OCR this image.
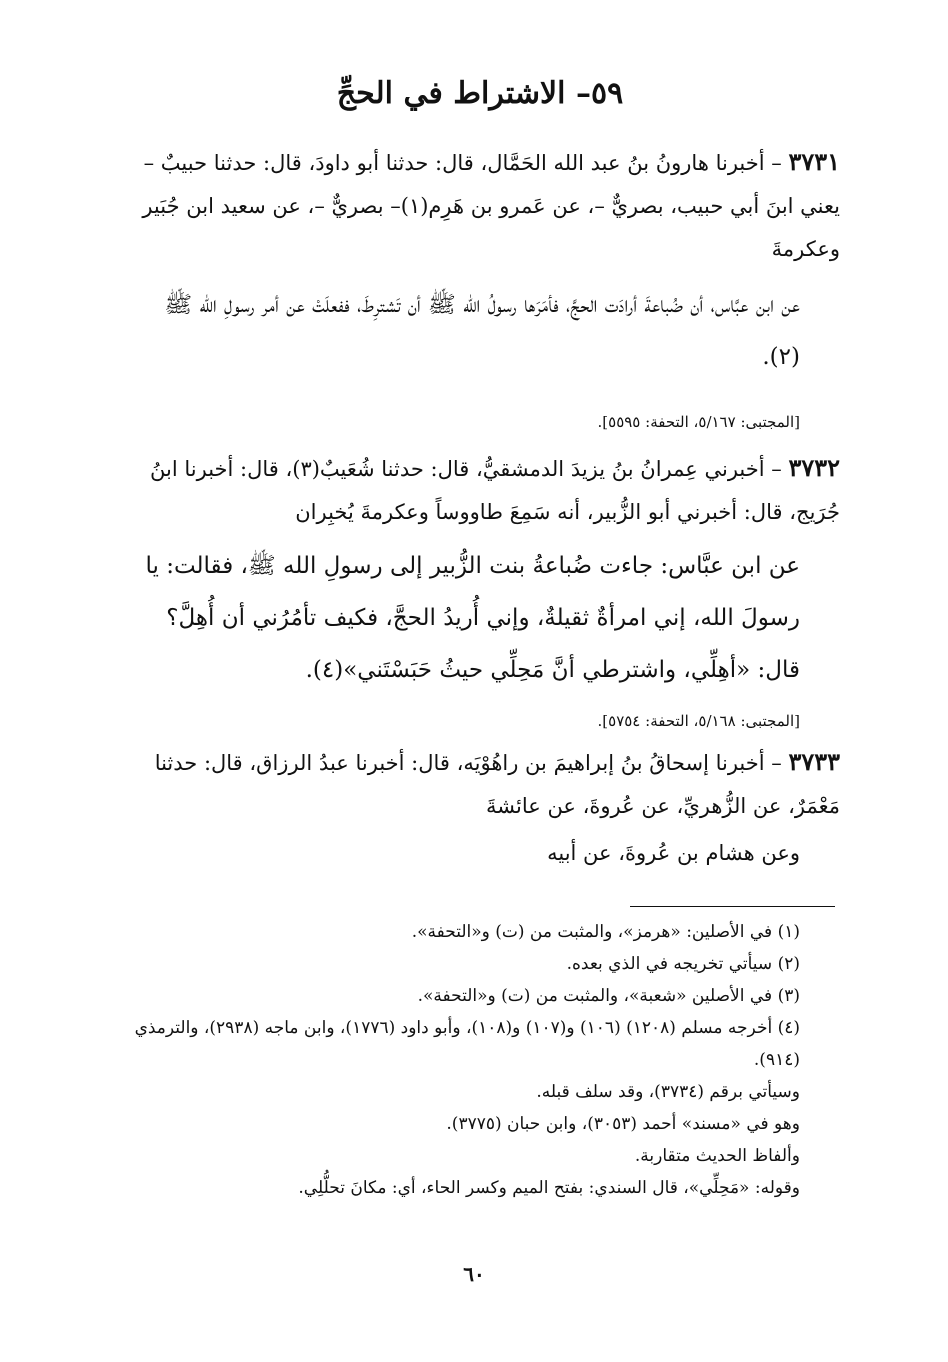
٥٩– الاشتراط في الحجِّ
٣٧٣١ – أخبرنا هارونُ بنُ عبد الله الحَمَّال، قال: حدثنا أبو داودَ، قال: حدثنا حبيبٌ – يعني ابنَ أبي حبيب، بصريٌّ –، عن عَمرو بن هَرِم(١)– بصريٌّ –، عن سعيد ابن جُبَير وعكرمةَ
عن ابن عبَّاس، أن ضُباعةَ أرادَت الحجَّ، فأمَرَها رسولُ الله ﷺ أن تَشترِطَ، ففعلَتْ عن أمر رسولِ الله ﷺ (٢).
[المجتبى: ٥/١٦٧، التحفة: ٥٥٩٥].
٣٧٣٢ – أخبرني عِمرانُ بنُ يزيدَ الدمشقيُّ، قال: حدثنا شُعَيبٌ(٣)، قال: أخبرنا ابنُ جُرَيج، قال: أخبرني أبو الزُّبير، أنه سَمِعَ طاووساً وعكرمةَ يُخبِران
عن ابن عبَّاس: جاءت ضُباعةُ بنت الزُّبير إلى رسولِ الله ﷺ، فقالت: يا رسولَ الله، إني امرأةٌ ثقيلةٌ، وإني أُريدُ الحجَّ، فكيف تأمُرُني أن أُهِلَّ؟ قال: «أهِلِّي، واشترطي أنَّ مَحِلِّي حيثُ حَبَسْتَني»(٤).
[المجتبى: ٥/١٦٨، التحفة: ٥٧٥٤].
٣٧٣٣ – أخبرنا إسحاقُ بنُ إبراهيمَ بن راهُوْيَه، قال: أخبرنا عبدُ الرزاق، قال: حدثنا مَعْمَرٌ، عن الزُّهريِّ، عن عُروةَ، عن عائشةَ
وعن هشام بن عُروةَ، عن أبيه
(١) في الأصلين: «هرمز»، والمثبت من (ت) و«التحفة».
(٢) سيأتي تخريجه في الذي بعده.
(٣) في الأصلين «شعبة»، والمثبت من (ت) و«التحفة».
(٤) أخرجه مسلم (١٢٠٨) (١٠٦) و(١٠٧) و(١٠٨)، وأبو داود (١٧٧٦)، وابن ماجه (٢٩٣٨)، والترمذي (٩١٤).
وسيأتي برقم (٣٧٣٤)، وقد سلف قبله.
وهو في «مسند» أحمد (٣٠٥٣)، وابن حبان (٣٧٧٥).
وألفاظ الحديث متقاربة.
وقوله: «مَحِلِّي»، قال السندي: بفتح الميم وكسر الحاء، أي: مكانَ تحلُّلِي.
٦٠
